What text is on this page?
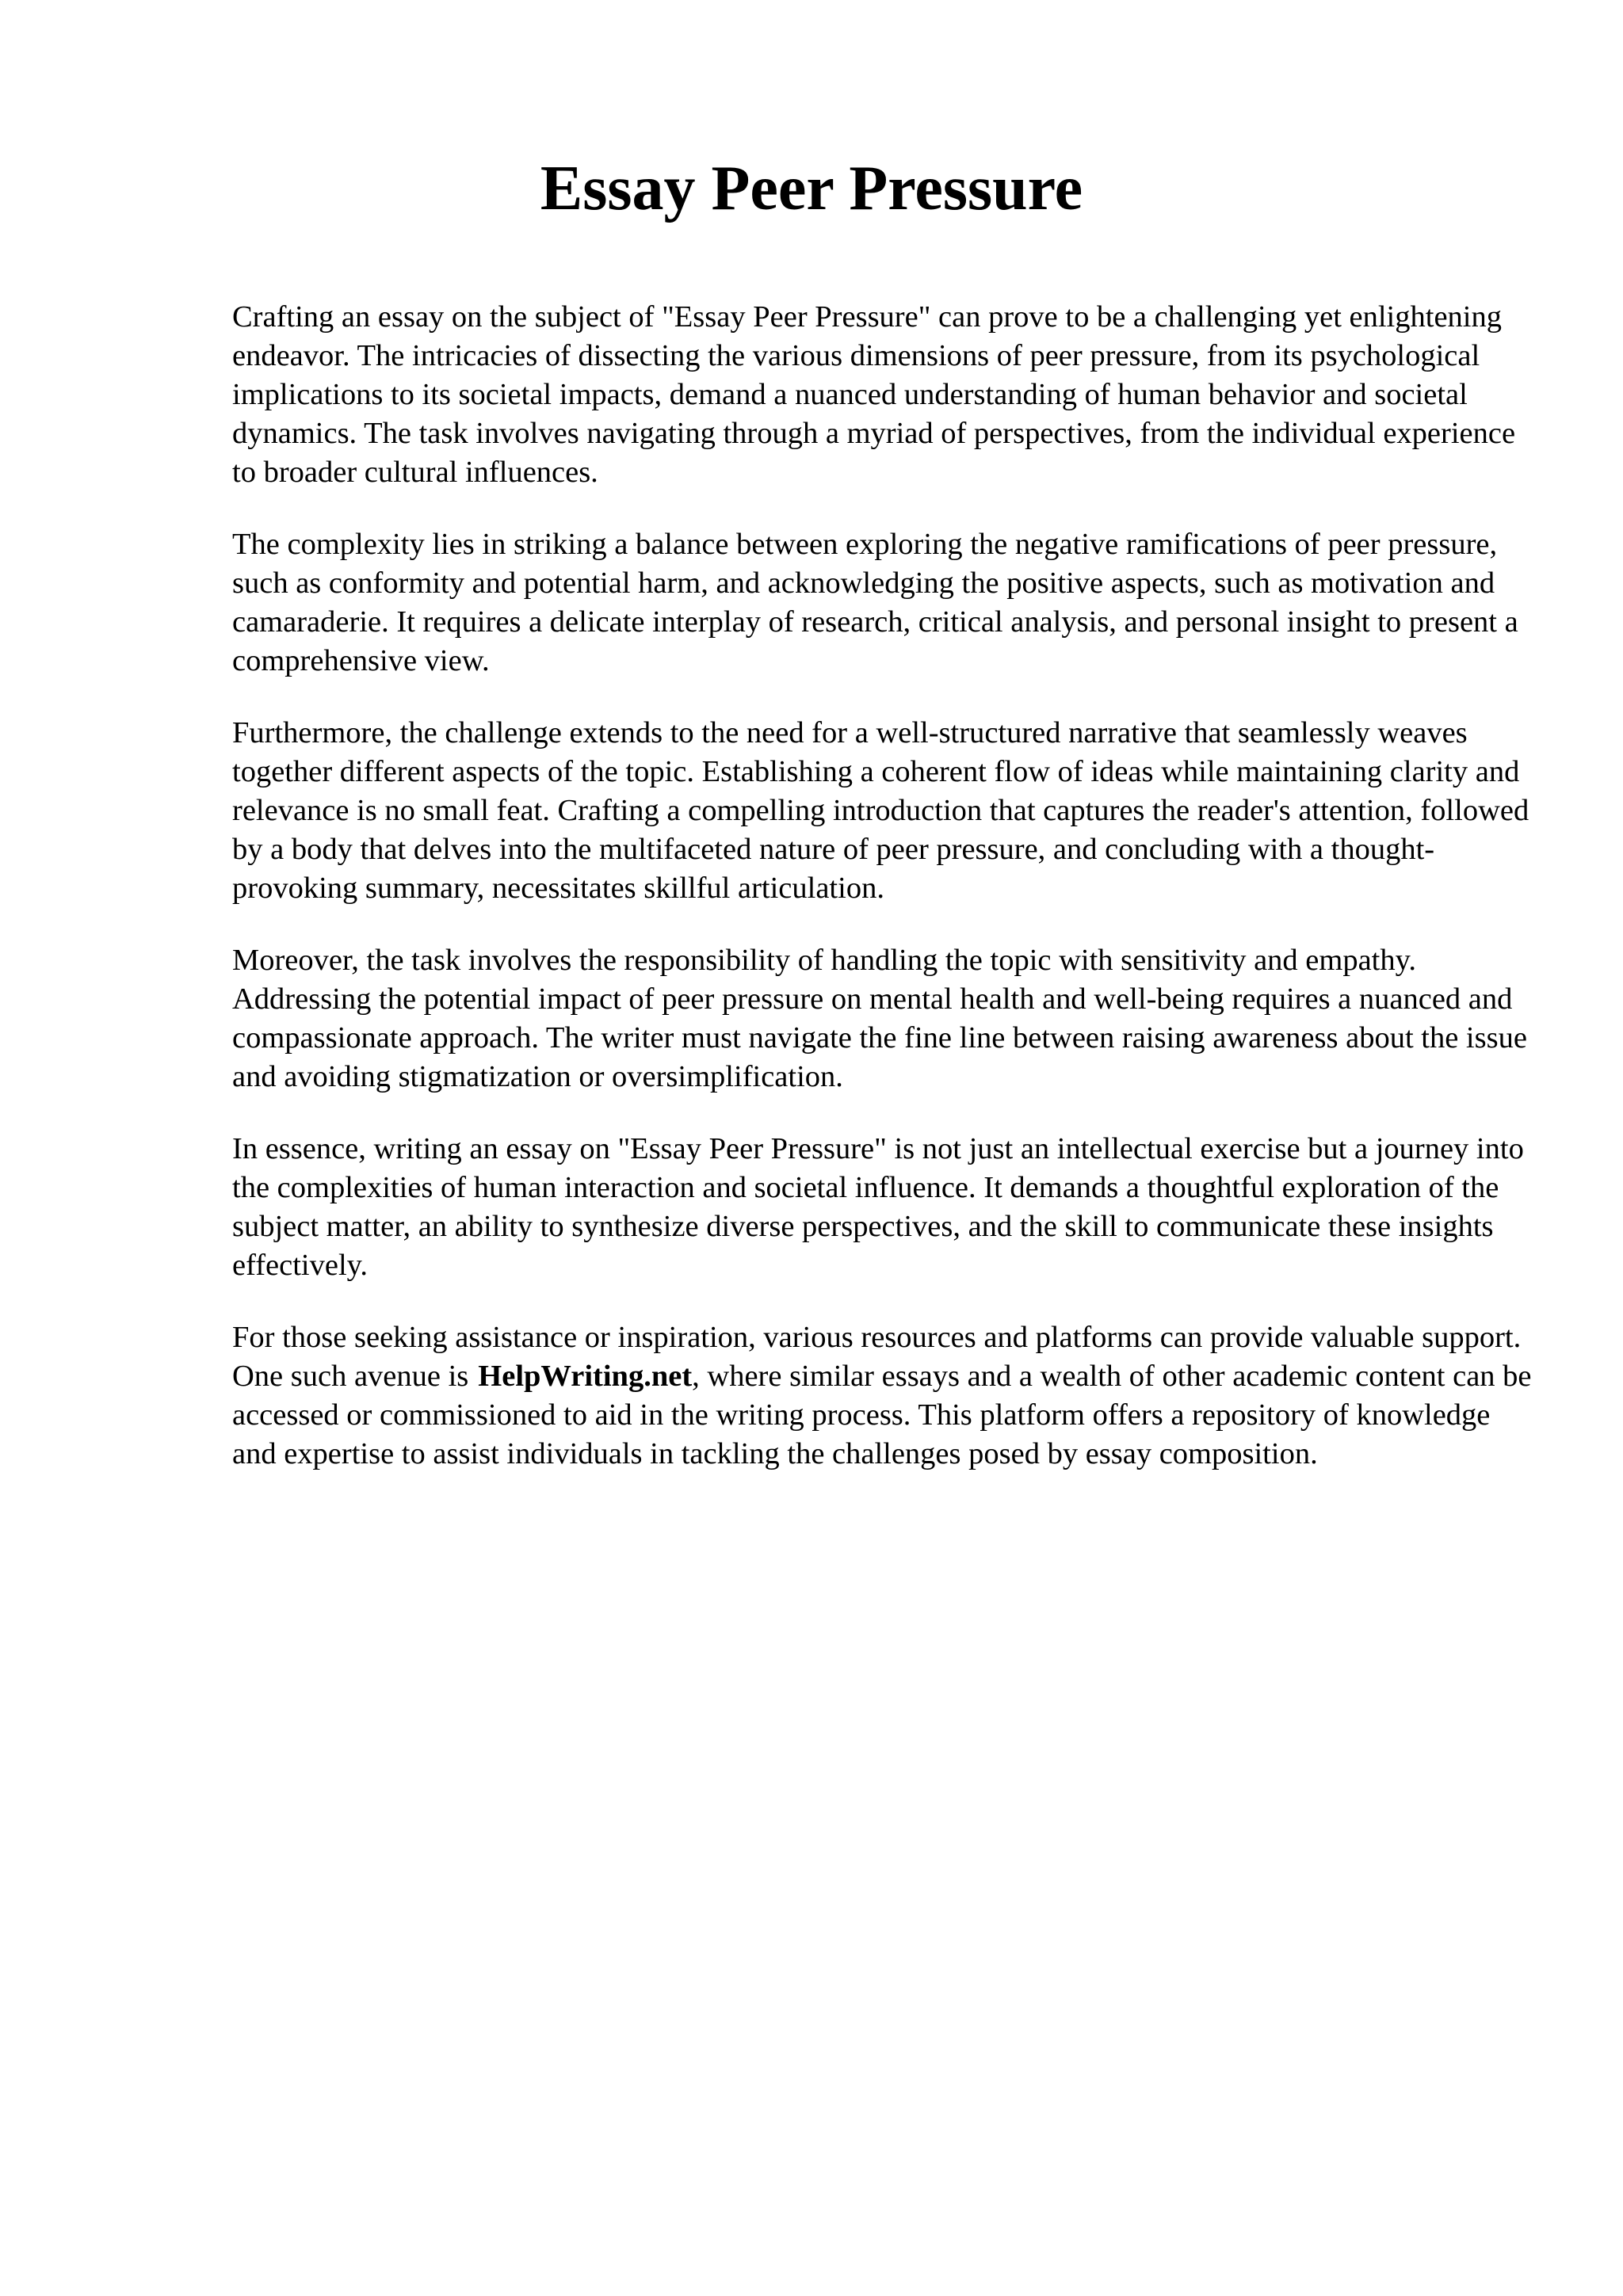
Essay Peer Pressure

Crafting an essay on the subject of "Essay Peer Pressure" can prove to be a challenging yet enlightening endeavor. The intricacies of dissecting the various dimensions of peer pressure, from its psychological implications to its societal impacts, demand a nuanced understanding of human behavior and societal dynamics. The task involves navigating through a myriad of perspectives, from the individual experience to broader cultural influences.

The complexity lies in striking a balance between exploring the negative ramifications of peer pressure, such as conformity and potential harm, and acknowledging the positive aspects, such as motivation and camaraderie. It requires a delicate interplay of research, critical analysis, and personal insight to present a comprehensive view.

Furthermore, the challenge extends to the need for a well-structured narrative that seamlessly weaves together different aspects of the topic. Establishing a coherent flow of ideas while maintaining clarity and relevance is no small feat. Crafting a compelling introduction that captures the reader's attention, followed by a body that delves into the multifaceted nature of peer pressure, and concluding with a thought-provoking summary, necessitates skillful articulation.

Moreover, the task involves the responsibility of handling the topic with sensitivity and empathy. Addressing the potential impact of peer pressure on mental health and well-being requires a nuanced and compassionate approach. The writer must navigate the fine line between raising awareness about the issue and avoiding stigmatization or oversimplification.

In essence, writing an essay on "Essay Peer Pressure" is not just an intellectual exercise but a journey into the complexities of human interaction and societal influence. It demands a thoughtful exploration of the subject matter, an ability to synthesize diverse perspectives, and the skill to communicate these insights effectively.

For those seeking assistance or inspiration, various resources and platforms can provide valuable support. One such avenue is HelpWriting.net, where similar essays and a wealth of other academic content can be accessed or commissioned to aid in the writing process. This platform offers a repository of knowledge and expertise to assist individuals in tackling the challenges posed by essay composition.
